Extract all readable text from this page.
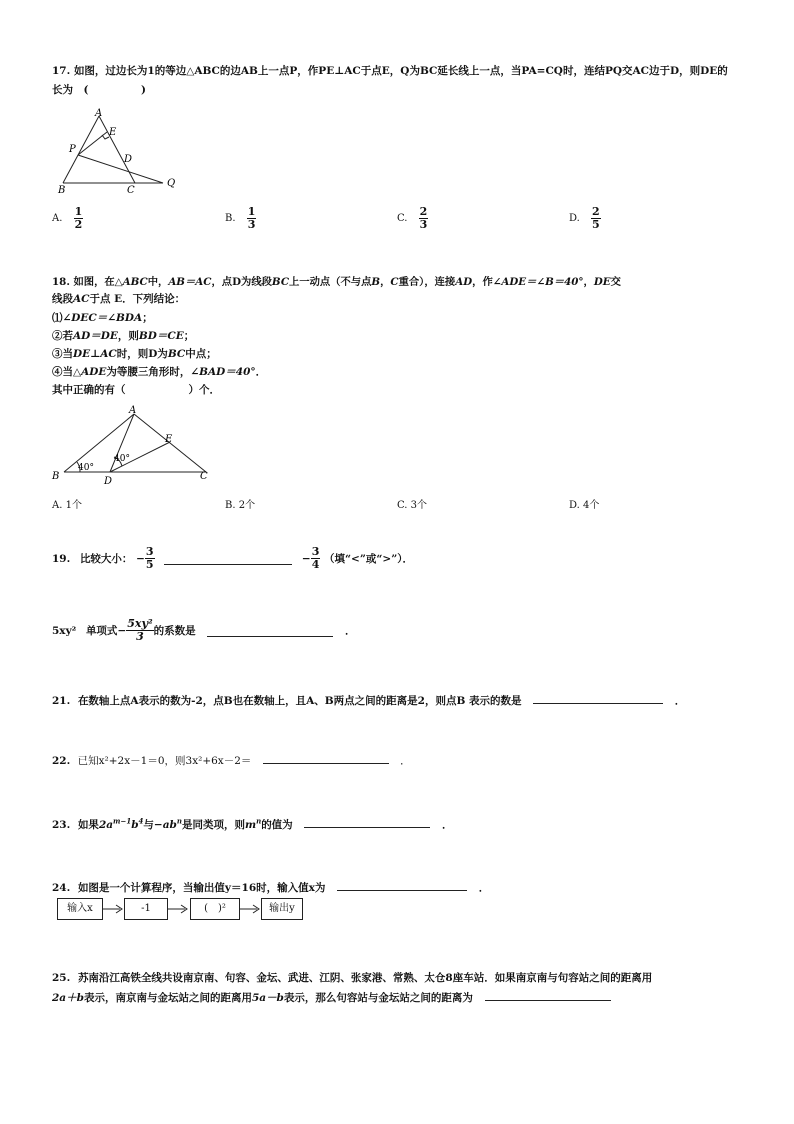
17. 如图，过边长为1的等边△ABC的边AB上一点P，作PE⊥AC于点E，Q为BC延长线上一点，当PA=CQ时，连结PQ交AC边于D，则DE的
长为　(　　　　　)
A
E
P
D
B	C
Q
A. $\frac{1}{2}$	B. $\frac{1}{3}$	C. $\frac{2}{3}$	D. $\frac{2}{5}$
18. 如图，在△ABC中，AB＝AC，点D为线段BC上一动点（不与点B，C重合），连接AD，作∠ADE＝∠B＝40°，DE交
线段AC于点 E．下列结论：
⑴∠DEC＝∠BDA；
②若AD＝DE，则BD＝CE；
③当DE⊥AC时，则D为BC中点；
④当△ADE为等腰三角形时，∠BAD＝40°．
其中正确的有（　　　　　　）个．
A
E
B	D	C
40°
40°
A. 1个	B. 2个	C. 3个	D. 4个
19. 比较大小： − $\frac{3}{5}$	− $\frac{3}{4}$ （填“<”或“>”）．
5xy² 单项式− $\frac{\text{5xy²}}{3}$ 的系数是	．
21. 在数轴上点A表示的数为-2，点B也在数轴上，且A、B两点之间的距离是2，则点B 表示的数是	．
22. 已知x²+2x－1＝0，则3x²+6x－2＝	．
23. 如果$2a^{m-1}b^4$与$-ab^n$是同类项，则$m^n$的值为	．
24. 如图是一个计算程序，当输出值y＝16时，输入值x为	．
输入x	-1	(　)²	输出y
25. 苏南沿江高铁全线共设南京南、句容、金坛、武进、江阴、张家港、常熟、太仓8座车站．如果南京南与句容站之间的距离用
2a＋b表示，南京南与金坛站之间的距离用5a－b表示，那么句容站与金坛站之间的距离为
